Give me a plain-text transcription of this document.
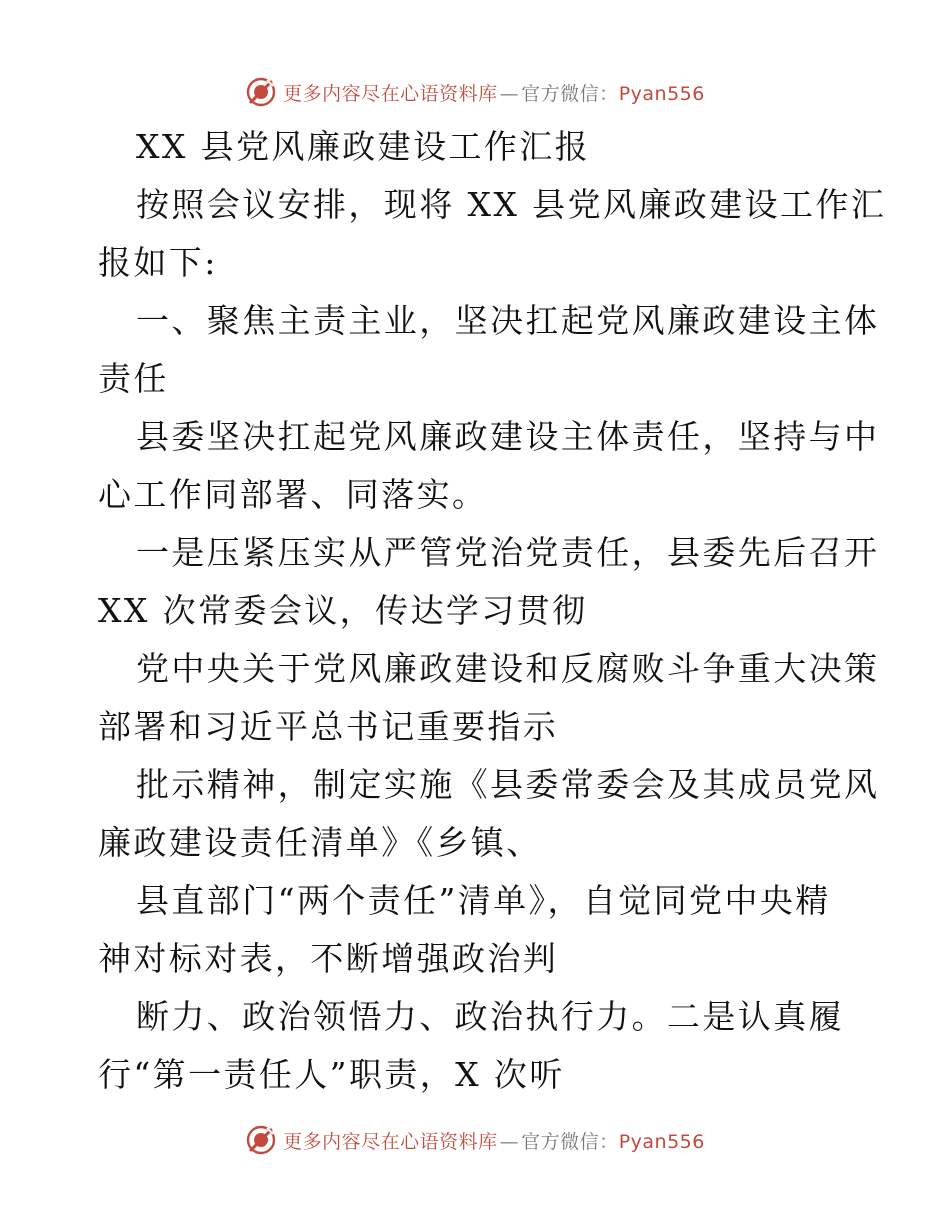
更多内容尽在心语资料库 — 官方微信：Pyan556
XX 县党风廉政建设工作汇报
按照会议安排，现将 XX 县党风廉政建设工作汇
报如下:
一、聚焦主责主业，坚决扛起党风廉政建设主体
责任
县委坚决扛起党风廉政建设主体责任，坚持与中
心工作同部署、同落实。
一是压紧压实从严管党治党责任，县委先后召开
XX 次常委会议，传达学习贯彻
党中央关于党风廉政建设和反腐败斗争重大决策
部署和习近平总书记重要指示
批示精神，制定实施《县委常委会及其成员党风
廉政建设责任清单》《乡镇、
县直部门“两个责任”清单》，自觉同党中央精
神对标对表，不断增强政治判
断力、政治领悟力、政治执行力。二是认真履
行“第一责任人”职责，X 次听
更多内容尽在心语资料库 — 官方微信：Pyan556
